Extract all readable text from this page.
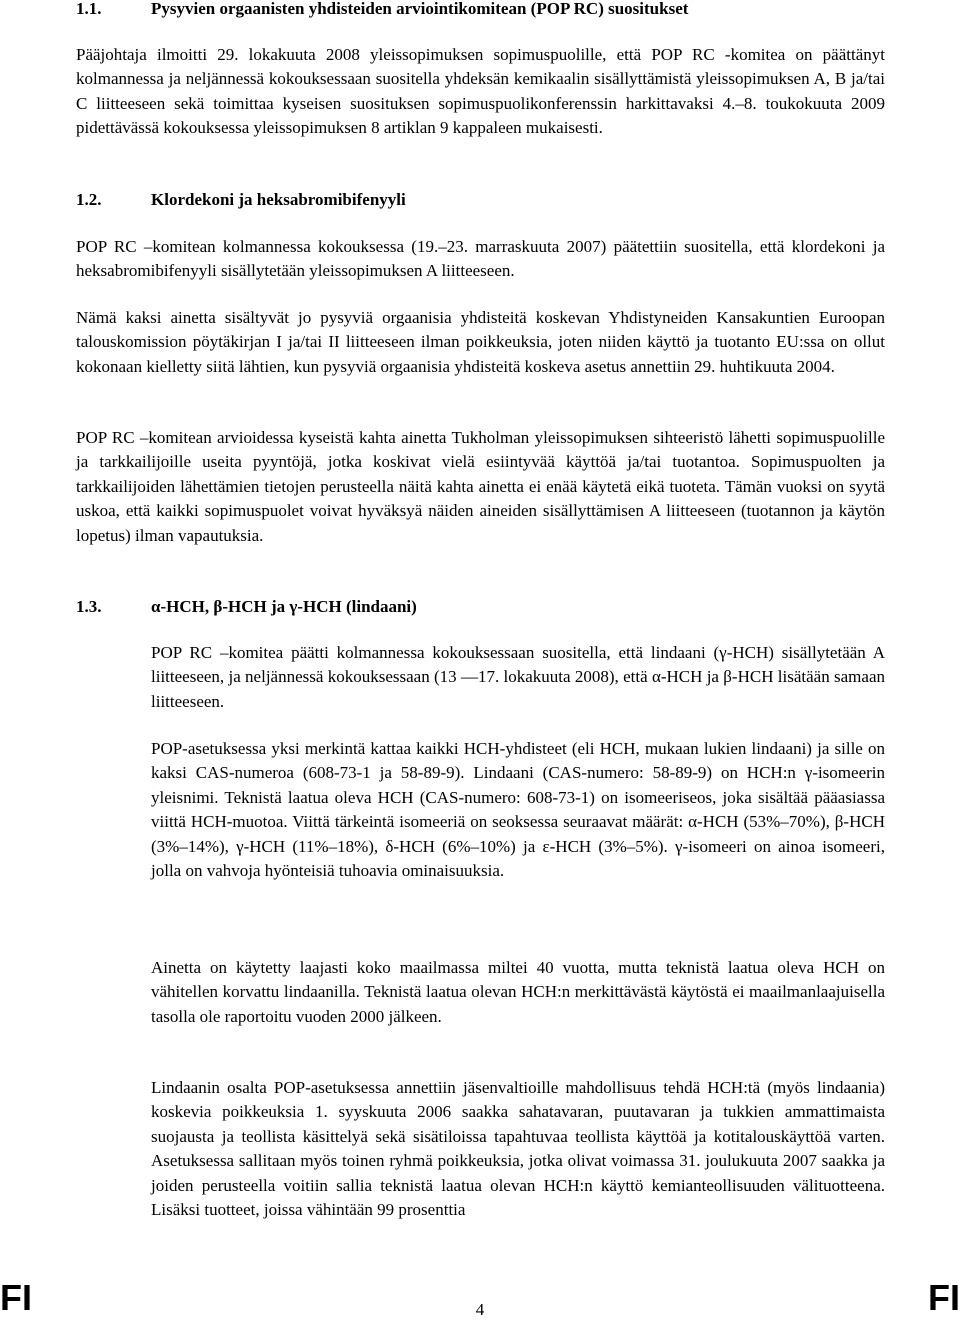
1.1.	Pysyvien orgaanisten yhdisteiden arviointikomitean (POP RC) suositukset

Pääjohtaja ilmoitti 29. lokakuuta 2008 yleissopimuksen sopimuspuolille, että POP RC -komitea on päättänyt kolmannessa ja neljännessä kokouksessaan suositella yhdeksän kemikaalin sisällyttämistä yleissopimuksen A, B ja/tai C liitteeseen sekä toimittaa kyseisen suosituksen sopimuspuolikonferenssin harkittavaksi 4.–8. toukokuuta 2009 pidettävässä kokouksessa yleissopimuksen 8 artiklan 9 kappaleen mukaisesti.

1.2.	Klordekoni ja heksabromibifenyyli

POP RC –komitean kolmannessa kokouksessa (19.–23. marraskuuta 2007) päätettiin suositella, että klordekoni ja heksabromibifenyyli sisällytetään yleissopimuksen A liitteeseen.

Nämä kaksi ainetta sisältyvät jo pysyviä orgaanisia yhdisteitä koskevan Yhdistyneiden Kansakuntien Euroopan talouskomission pöytäkirjan I ja/tai II liitteeseen ilman poikkeuksia, joten niiden käyttö ja tuotanto EU:ssa on ollut kokonaan kielletty siitä lähtien, kun pysyviä orgaanisia yhdisteitä koskeva asetus annettiin 29. huhtikuuta 2004.

POP RC –komitean arvioidessa kyseistä kahta ainetta Tukholman yleissopimuksen sihteeristö lähetti sopimuspuolille ja tarkkailijoille useita pyyntöjä, jotka koskivat vielä esiintyvää käyttöä ja/tai tuotantoa. Sopimuspuolten ja tarkkailijoiden lähettämien tietojen perusteella näitä kahta ainetta ei enää käytetä eikä tuoteta. Tämän vuoksi on syytä uskoa, että kaikki sopimuspuolet voivat hyväksyä näiden aineiden sisällyttämisen A liitteeseen (tuotannon ja käytön lopetus) ilman vapautuksia.

1.3.	α-HCH, β-HCH ja γ-HCH (lindaani)

POP RC –komitea päätti kolmannessa kokouksessaan suositella, että lindaani (γ-HCH) sisällytetään A liitteeseen, ja neljännessä kokouksessaan (13 —17. lokakuuta 2008), että α-HCH ja β-HCH lisätään samaan liitteeseen.

POP-asetuksessa yksi merkintä kattaa kaikki HCH-yhdisteet (eli HCH, mukaan lukien lindaani) ja sille on kaksi CAS-numeroa (608-73-1 ja 58-89-9). Lindaani (CAS-numero: 58-89-9) on HCH:n γ-isomeerin yleisnimi. Teknistä laatua oleva HCH (CAS-numero: 608-73-1) on isomeeriseos, joka sisältää pääasiassa viittä HCH-muotoa. Viittä tärkeintä isomeeriä on seoksessa seuraavat määrät: α-HCH (53%–70%), β-HCH (3%–14%), γ-HCH (11%–18%), δ-HCH (6%–10%) ja ε-HCH (3%–5%). γ-isomeeri on ainoa isomeeri, jolla on vahvoja hyönteisiä tuhoavia ominaisuuksia.

Ainetta on käytetty laajasti koko maailmassa miltei 40 vuotta, mutta teknistä laatua oleva HCH on vähitellen korvattu lindaanilla. Teknistä laatua olevan HCH:n merkittävästä käytöstä ei maailmanlaajuisella tasolla ole raportoitu vuoden 2000 jälkeen.

Lindaanin osalta POP-asetuksessa annettiin jäsenvaltioille mahdollisuus tehdä HCH:tä (myös lindaania) koskevia poikkeuksia 1. syyskuuta 2006 saakka sahatavaran, puutavaran ja tukkien ammattimaista suojausta ja teollista käsittelyä sekä sisätiloissa tapahtuvaa teollista käyttöä ja kotitalouskäyttöä varten. Asetuksessa sallitaan myös toinen ryhmä poikkeuksia, jotka olivat voimassa 31. joulukuuta 2007 saakka ja joiden perusteella voitiin sallia teknistä laatua olevan HCH:n käyttö kemianteollisuuden välituotteena. Lisäksi tuotteet, joissa vähintään 99 prosenttia

FI	4	FI
